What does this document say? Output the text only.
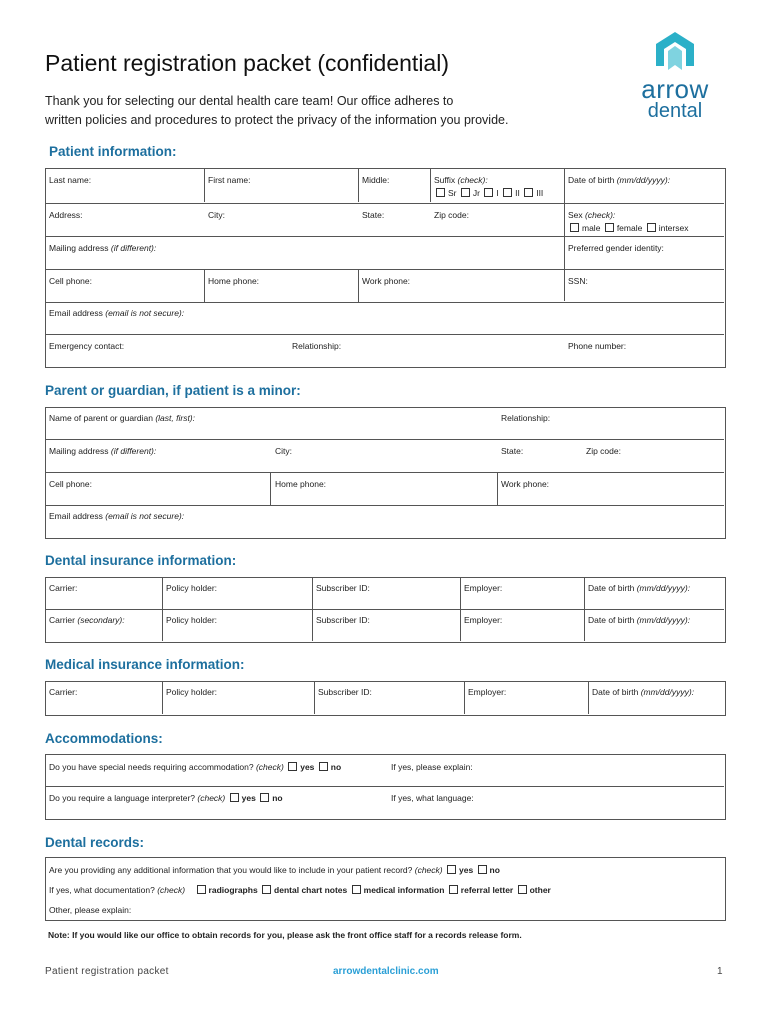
Patient registration packet (confidential)
Thank you for selecting our dental health care team! Our office adheres to
written policies and procedures to protect the privacy of the information you provide.
arrow
dental
Patient information:
Last name:	First name:	Middle:	Suffix (check):
Sr Jr I II III
Date of birth (mm/dd/yyyy):
Address:	City:	State:	Zip code:	Sex (check):
male female intersex
Mailing address (if different):	Preferred gender identity:
Cell phone:	Home phone:	Work phone:	SSN:
Email address (email is not secure):
Emergency contact:	Relationship:	Phone number:
Parent or guardian, if patient is a minor:
Name of parent or guardian (last, first):	Relationship:
Mailing address (if different):	City:	State:	Zip code:
Cell phone:	Home phone:	Work phone:
Email address (email is not secure):
Dental insurance information:
Carrier:	Policy holder:	Subscriber ID:	Employer:	Date of birth (mm/dd/yyyy):
Carrier (secondary):	Policy holder:	Subscriber ID:	Employer:	Date of birth (mm/dd/yyyy):
Medical insurance information:
Carrier:	Policy holder:	Subscriber ID:	Employer:	Date of birth (mm/dd/yyyy):
Accommodations:
Do you have special needs requiring accommodation? (check) yes no	If yes, please explain:
Do you require a language interpreter? (check) yes no	If yes, what language:
Dental records:
Are you providing any additional information that you would like to include in your patient record? (check) yes no
If yes, what documentation? (check)	radiographs dental chart notes medical information referral letter other
Other, please explain:
Note: If you would like our office to obtain records for you, please ask the front office staff for a records release form.
Patient registration packet	arrowdentalclinic.com	1
